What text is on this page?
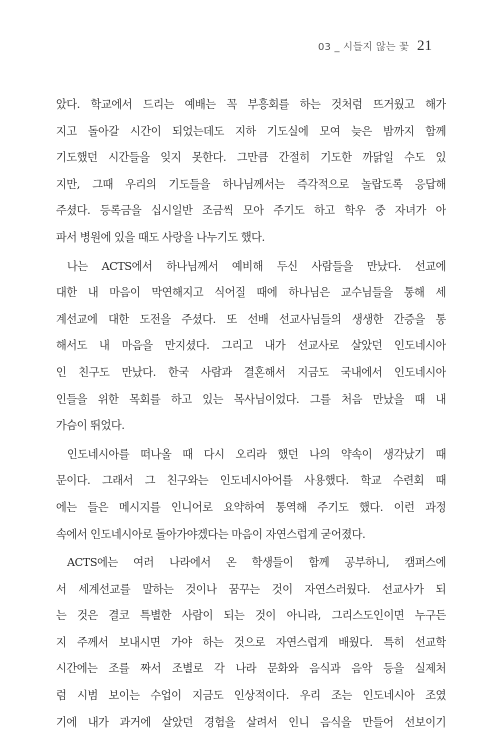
03 _ 시들지 않는 꽃 21
았다. 학교에서 드리는 예배는 꼭 부흥회를 하는 것처럼 뜨거웠고 해가
지고 돌아갈 시간이 되었는데도 지하 기도실에 모여 늦은 밤까지 함께
기도했던 시간들을 잊지 못한다. 그만큼 간절히 기도한 까닭일 수도 있
지만, 그때 우리의 기도들을 하나님께서는 즉각적으로 놀랍도록 응답해
주셨다. 등록금을 십시일반 조금씩 모아 주기도 하고 학우 중 자녀가 아
파서 병원에 있을 때도 사랑을 나누기도 했다.
나는 ACTS에서 하나님께서 예비해 두신 사람들을 만났다. 선교에
대한 내 마음이 막연해지고 식어질 때에 하나님은 교수님들을 통해 세
계선교에 대한 도전을 주셨다. 또 선배 선교사님들의 생생한 간증을 통
해서도 내 마음을 만지셨다. 그리고 내가 선교사로 살았던 인도네시아
인 친구도 만났다. 한국 사람과 결혼해서 지금도 국내에서 인도네시아
인들을 위한 목회를 하고 있는 목사님이었다. 그를 처음 만났을 때 내
가슴이 뛰었다.
인도네시아를 떠나올 때 다시 오리라 했던 나의 약속이 생각났기 때
문이다. 그래서 그 친구와는 인도네시아어를 사용했다. 학교 수련회 때
에는 들은 메시지를 인니어로 요약하여 통역해 주기도 했다. 이런 과정
속에서 인도네시아로 돌아가야겠다는 마음이 자연스럽게 굳어졌다.
ACTS에는 여러 나라에서 온 학생들이 함께 공부하니, 캠퍼스에
서 세계선교를 말하는 것이나 꿈꾸는 것이 자연스러웠다. 선교사가 되
는 것은 결코 특별한 사람이 되는 것이 아니라, 그리스도인이면 누구든
지 주께서 보내시면 가야 하는 것으로 자연스럽게 배웠다. 특히 선교학
시간에는 조를 짜서 조별로 각 나라 문화와 음식과 음악 등을 실제처
럼 시범 보이는 수업이 지금도 인상적이다. 우리 조는 인도네시아 조였
기에 내가 과거에 살았던 경험을 살려서 인니 음식을 만들어 선보이기
